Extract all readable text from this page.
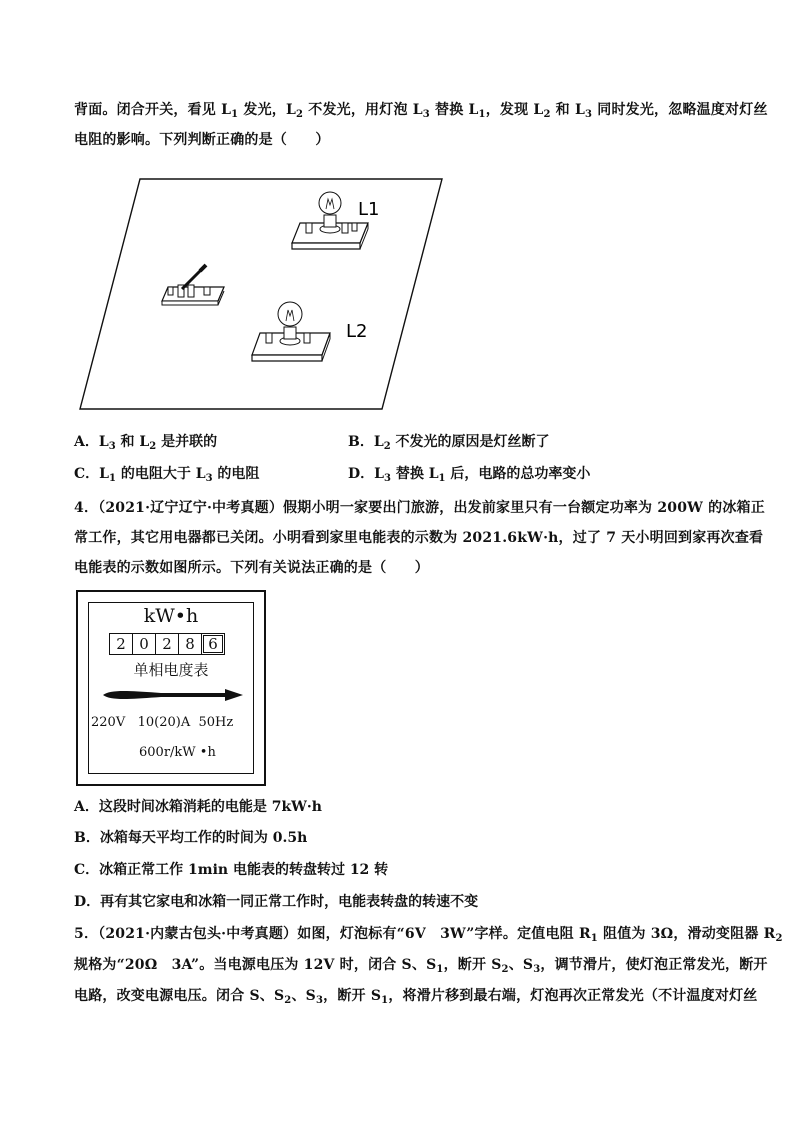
背面。闭合开关，看见 $L_1$ 发光，$L_2$ 不发光，用灯泡 $L_3$ 替换 $L_1$，发现 $L_2$ 和 $L_3$ 同时发光，忽略温度对灯丝
电阻的影响。下列判断正确的是（　　）
L1
L2
A．$L_3$ 和 $L_2$ 是并联的	B．$L_2$ 不发光的原因是灯丝断了
C．$L_1$ 的电阻大于 $L_3$ 的电阻	D．$L_3$ 替换 $L_1$ 后，电路的总功率变小
4．（2021·辽宁辽宁·中考真题）假期小明一家要出门旅游，出发前家里只有一台额定功率为 200W 的冰箱正
常工作，其它用电器都已关闭。小明看到家里电能表的示数为 2021.6kW·h，过了 7 天小明回到家再次查看
电能表的示数如图所示。下列有关说法正确的是（　　）
kW•h
2 0 2 8 6
单相电度表
220V 10(20)A 50Hz
600r/kW •h
A．这段时间冰箱消耗的电能是 7kW·h
B．冰箱每天平均工作的时间为 0.5h
C．冰箱正常工作 1min 电能表的转盘转过 12 转
D．再有其它家电和冰箱一同正常工作时，电能表转盘的转速不变
5．（2021·内蒙古包头·中考真题）如图，灯泡标有“6V　3W”字样。定值电阻 $R_1$ 阻值为 3Ω，滑动变阻器 $R_2$
规格为“20Ω　3A”。当电源电压为 12V 时，闭合 S、$S_1$，断开 $S_2$、$S_3$，调节滑片，使灯泡正常发光，断开
电路，改变电源电压。闭合 S、$S_2$、$S_3$，断开 $S_1$，将滑片移到最右端，灯泡再次正常发光（不计温度对灯丝
